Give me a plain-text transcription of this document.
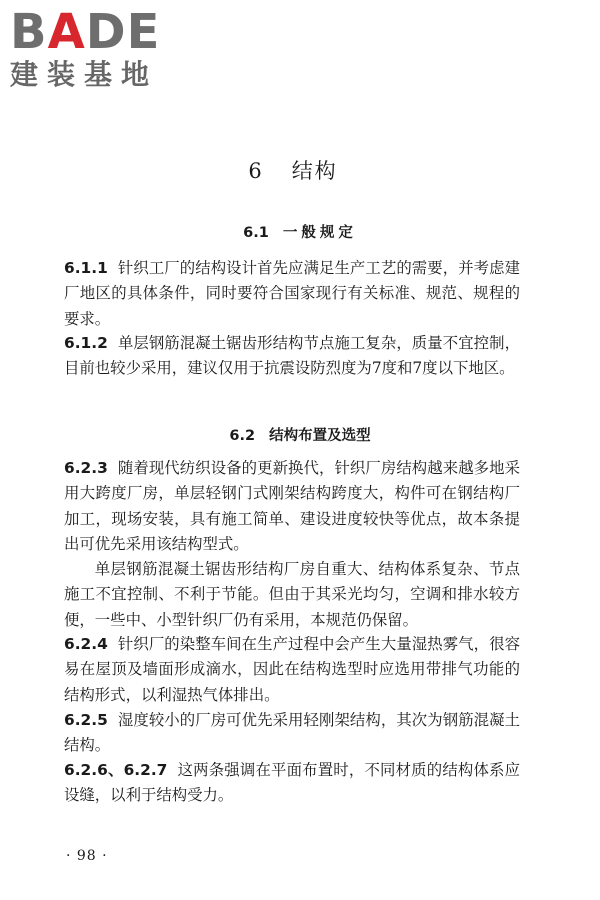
BADE
建装基地
6 结构
6.1 一般规定
6.1.1 针织工厂的结构设计首先应满足生产工艺的需要，并考虑建厂地区的具体条件，同时要符合国家现行有关标准、规范、规程的要求。
6.1.2 单层钢筋混凝土锯齿形结构节点施工复杂，质量不宜控制，目前也较少采用，建议仅用于抗震设防烈度为7度和7度以下地区。
6.2 结构布置及选型
6.2.3 随着现代纺织设备的更新换代，针织厂房结构越来越多地采用大跨度厂房，单层轻钢门式刚架结构跨度大，构件可在钢结构厂加工，现场安装，具有施工简单、建设进度较快等优点，故本条提出可优先采用该结构型式。
单层钢筋混凝土锯齿形结构厂房自重大、结构体系复杂、节点施工不宜控制、不利于节能。但由于其采光均匀，空调和排水较方便，一些中、小型针织厂仍有采用，本规范仍保留。
6.2.4 针织厂的染整车间在生产过程中会产生大量湿热雾气，很容易在屋顶及墙面形成滴水，因此在结构选型时应选用带排气功能的结构形式，以利湿热气体排出。
6.2.5 湿度较小的厂房可优先采用轻刚架结构，其次为钢筋混凝土结构。
6.2.6、6.2.7 这两条强调在平面布置时，不同材质的结构体系应设缝，以利于结构受力。
· 98 ·
